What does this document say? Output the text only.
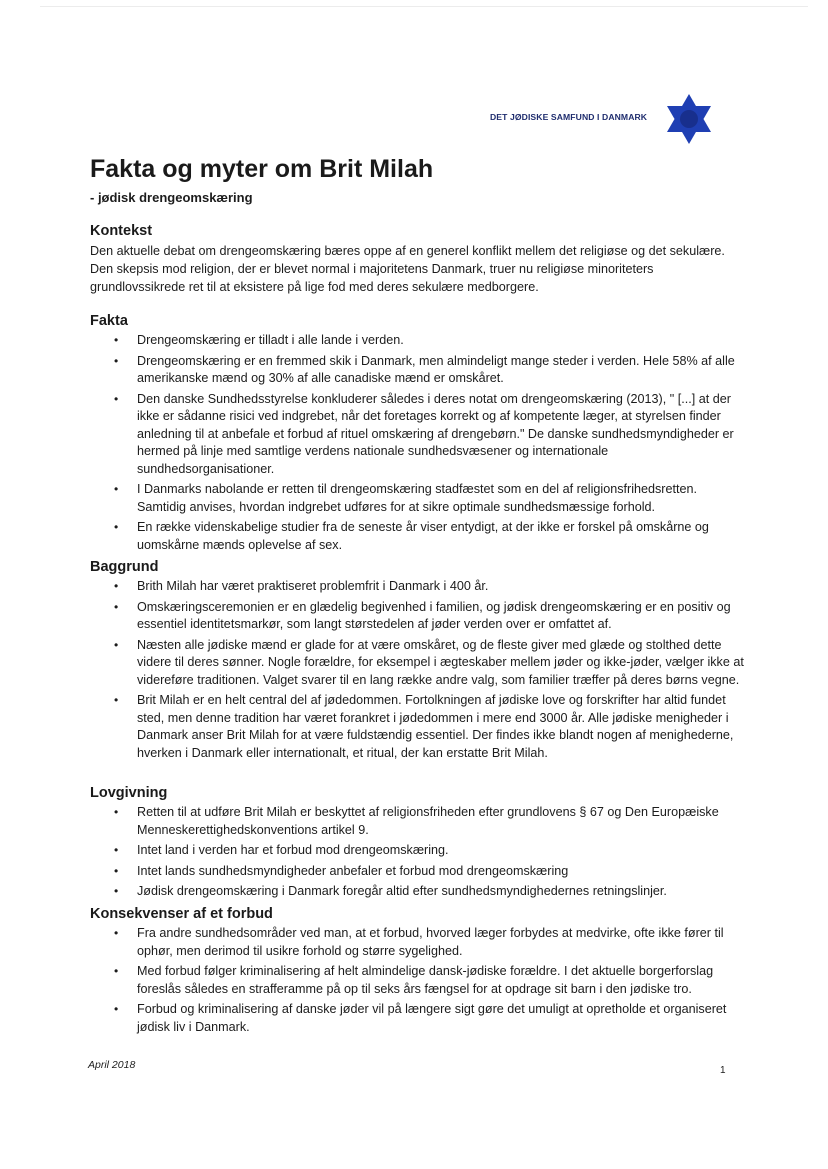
DET JØDISKE SAMFUND I DANMARK
Fakta og myter om Brit Milah
- jødisk drengeomskæring
Kontekst

Den aktuelle debat om drengeomskæring bæres oppe af en generel konflikt mellem det religiøse og det sekulære. Den skepsis mod religion, der er blevet normal i majoritetens Danmark, truer nu religiøse minoriteters grundlovssikrede ret til at eksistere på lige fod med deres sekulære medborgere.

Fakta
• Drengeomskæring er tilladt i alle lande i verden.
• Drengeomskæring er en fremmed skik i Danmark, men almindeligt mange steder i verden. Hele 58% af alle amerikanske mænd og 30% af alle canadiske mænd er omskåret.
• Den danske Sundhedsstyrelse konkluderer således i deres notat om drengeomskæring (2013), " [...] at der ikke er sådanne risici ved indgrebet, når det foretages korrekt og af kompetente læger, at styrelsen finder anledning til at anbefale et forbud af rituel omskæring af drengebørn." De danske sundhedsmyndigheder er hermed på linje med samtlige verdens nationale sundhedsvæsener og internationale sundhedsorganisationer.
• I Danmarks nabolande er retten til drengeomskæring stadfæstet som en del af religionsfrihedsretten. Samtidig anvises, hvordan indgrebet udføres for at sikre optimale sundhedsmæssige forhold.
• En række videnskabelige studier fra de seneste år viser entydigt, at der ikke er forskel på omskårne og uomskårne mænds oplevelse af sex.
Baggrund
• Brith Milah har været praktiseret problemfrit i Danmark i 400 år.
• Omskæringsceremonien er en glædelig begivenhed i familien, og jødisk drengeomskæring er en positiv og essentiel identitetsmarkør, som langt størstedelen af jøder verden over er omfattet af.
• Næsten alle jødiske mænd er glade for at være omskåret, og de fleste giver med glæde og stolthed dette videre til deres sønner. Nogle forældre, for eksempel i ægteskaber mellem jøder og ikke-jøder, vælger ikke at videreføre traditionen. Valget svarer til en lang række andre valg, som familier træffer på deres børns vegne.
• Brit Milah er en helt central del af jødedommen. Fortolkningen af jødiske love og forskrifter har altid fundet sted, men denne tradition har været forankret i jødedommen i mere end 3000 år. Alle jødiske menigheder i Danmark anser Brit Milah for at være fuldstændig essentiel. Der findes ikke blandt nogen af menighederne, hverken i Danmark eller internationalt, et ritual, der kan erstatte Brit Milah.
Lovgivning
• Retten til at udføre Brit Milah er beskyttet af religionsfriheden efter grundlovens § 67 og Den Europæiske Menneskerettighedskonventions artikel 9.
• Intet land i verden har et forbud mod drengeomskæring.
• Intet lands sundhedsmyndigheder anbefaler et forbud mod drengeomskæring
• Jødisk drengeomskæring i Danmark foregår altid efter sundhedsmyndighedernes retningslinjer.
Konsekvenser af et forbud
• Fra andre sundhedsområder ved man, at et forbud, hvorved læger forbydes at medvirke, ofte ikke fører til ophør, men derimod til usikre forhold og større sygelighed.
• Med forbud følger kriminalisering af helt almindelige dansk-jødiske forældre. I det aktuelle borgerforslag foreslås således en strafferamme på op til seks års fængsel for at opdrage sit barn i den jødiske tro.
• Forbud og kriminalisering af danske jøder vil på længere sigt gøre det umuligt at opretholde et organiseret jødisk liv i Danmark.
April 2018	1
